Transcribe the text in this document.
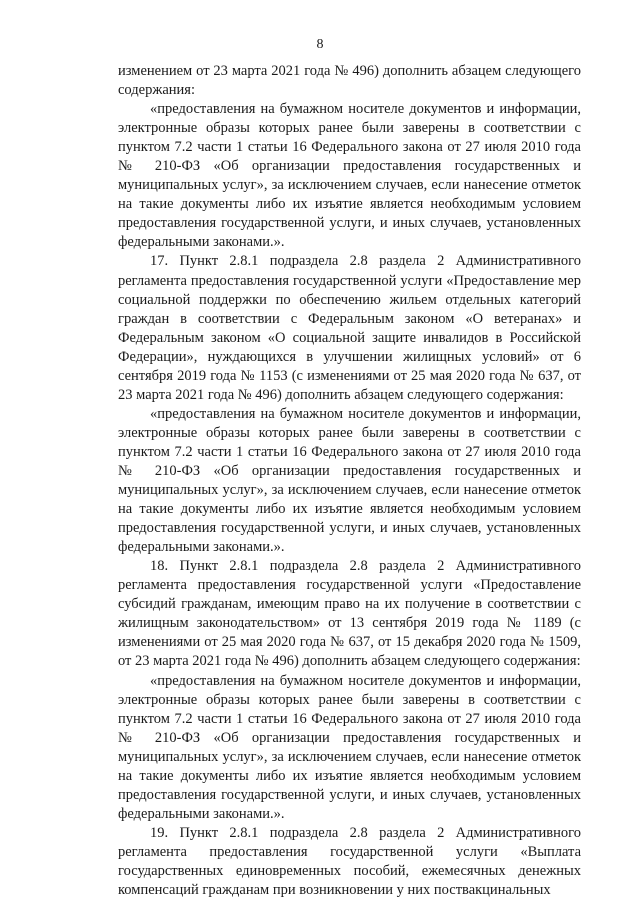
8

изменением от 23 марта 2021 года № 496) дополнить абзацем следующего содержания:

«предоставления на бумажном носителе документов и информации, электронные образы которых ранее были заверены в соответствии с пунктом 7.2 части 1 статьи 16 Федерального закона от 27 июля 2010 года № 210-ФЗ «Об организации предоставления государственных и муниципальных услуг», за исключением случаев, если нанесение отметок на такие документы либо их изъятие является необходимым условием предоставления государственной услуги, и иных случаев, установленных федеральными законами.».

17. Пункт 2.8.1 подраздела 2.8 раздела 2 Административного регламента предоставления государственной услуги «Предоставление мер социальной поддержки по обеспечению жильем отдельных категорий граждан в соответствии с Федеральным законом «О ветеранах» и Федеральным законом «О социальной защите инвалидов в Российской Федерации», нуждающихся в улучшении жилищных условий» от 6 сентября 2019 года № 1153 (с изменениями от 25 мая 2020 года № 637, от 23 марта 2021 года № 496) дополнить абзацем следующего содержания:

«предоставления на бумажном носителе документов и информации, электронные образы которых ранее были заверены в соответствии с пунктом 7.2 части 1 статьи 16 Федерального закона от 27 июля 2010 года № 210-ФЗ «Об организации предоставления государственных и муниципальных услуг», за исключением случаев, если нанесение отметок на такие документы либо их изъятие является необходимым условием предоставления государственной услуги, и иных случаев, установленных федеральными законами.».

18. Пункт 2.8.1 подраздела 2.8 раздела 2 Административного регламента предоставления государственной услуги «Предоставление субсидий гражданам, имеющим право на их получение в соответствии с жилищным законодательством» от 13 сентября 2019 года № 1189 (с изменениями от 25 мая 2020 года № 637, от 15 декабря 2020 года № 1509, от 23 марта 2021 года № 496) дополнить абзацем следующего содержания:

«предоставления на бумажном носителе документов и информации, электронные образы которых ранее были заверены в соответствии с пунктом 7.2 части 1 статьи 16 Федерального закона от 27 июля 2010 года № 210-ФЗ «Об организации предоставления государственных и муниципальных услуг», за исключением случаев, если нанесение отметок на такие документы либо их изъятие является необходимым условием предоставления государственной услуги, и иных случаев, установленных федеральными законами.».

19. Пункт 2.8.1 подраздела 2.8 раздела 2 Административного регламента предоставления государственной услуги «Выплата государственных единовременных пособий, ежемесячных денежных компенсаций гражданам при возникновении у них поствакцинальных
